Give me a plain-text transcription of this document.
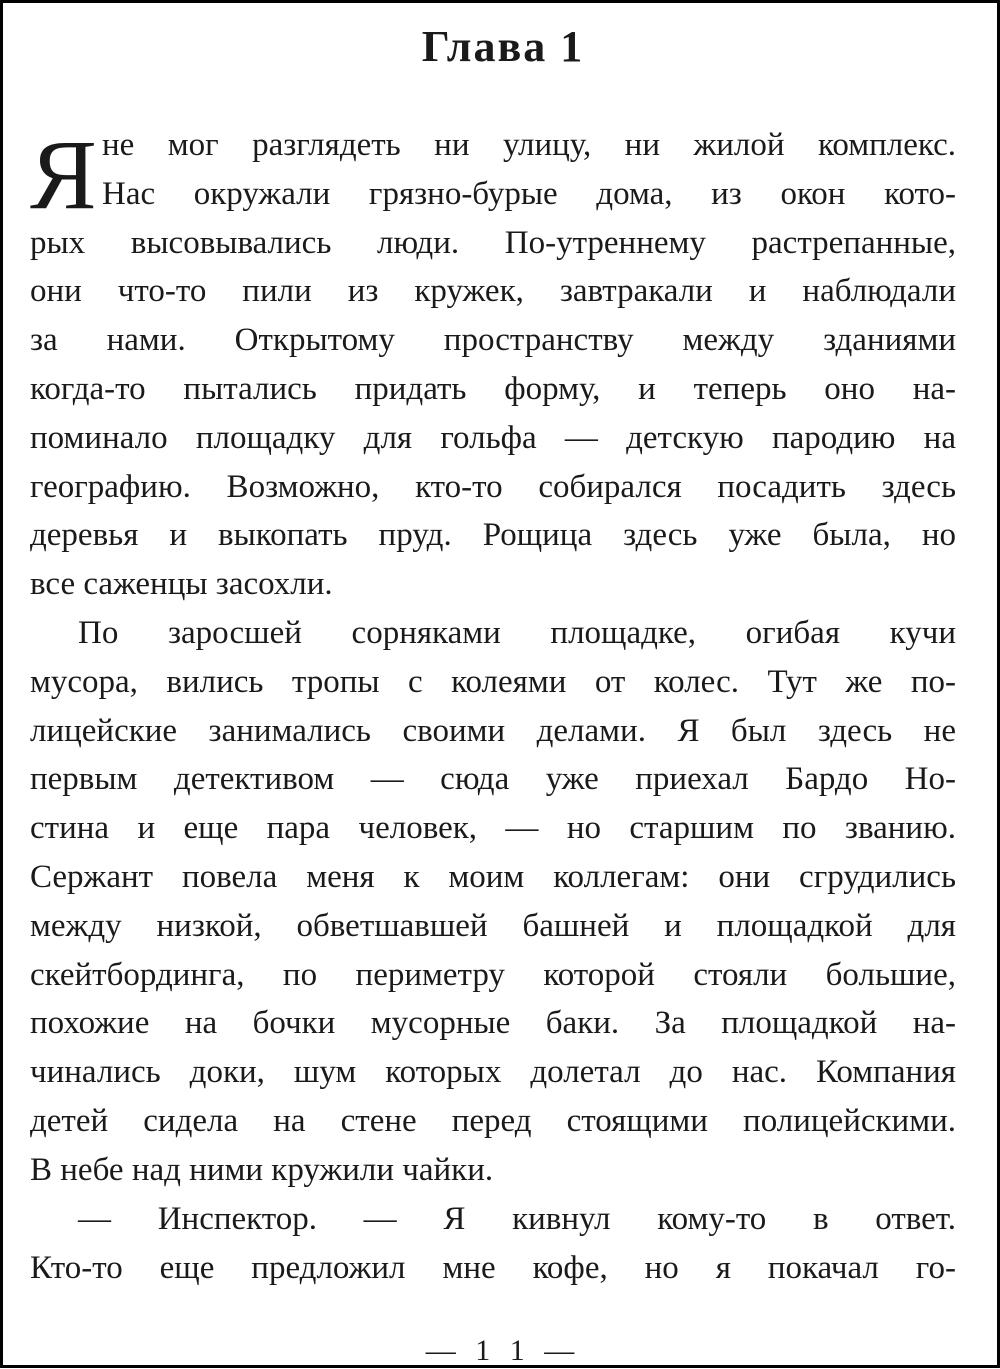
Глава 1
Я не мог разглядеть ни улицу, ни жилой комплекс.
Нас окружали грязно-бурые дома, из окон кото-
рых высовывались люди. По-утреннему растрепанные,
они что-то пили из кружек, завтракали и наблюдали
за нами. Открытому пространству между зданиями
когда-то пытались придать форму, и теперь оно на-
поминало площадку для гольфа — детскую пародию на
географию. Возможно, кто-то собирался посадить здесь
деревья и выкопать пруд. Рощица здесь уже была, но
все саженцы засохли.
По заросшей сорняками площадке, огибая кучи
мусора, вились тропы с колеями от колес. Тут же по-
лицейские занимались своими делами. Я был здесь не
первым детективом — сюда уже приехал Бардо Но-
стина и еще пара человек, — но старшим по званию.
Сержант повела меня к моим коллегам: они сгрудились
между низкой, обветшавшей башней и площадкой для
скейтбординга, по периметру которой стояли большие,
похожие на бочки мусорные баки. За площадкой на-
чинались доки, шум которых долетал до нас. Компания
детей сидела на стене перед стоящими полицейскими.
В небе над ними кружили чайки.
— Инспектор. — Я кивнул кому-то в ответ.
Кто-то еще предложил мне кофе, но я покачал го-
— 1 1 —
